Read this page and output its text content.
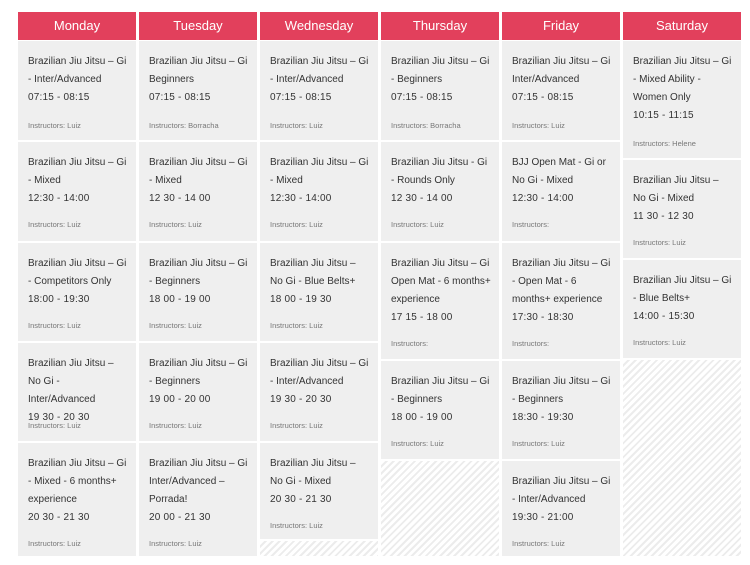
Monday
Brazilian Jiu Jitsu – Gi - Inter/Advanced
07:15 - 08:15
Instructors: Luiz
Brazilian Jiu Jitsu – Gi - Mixed
12:30 - 14:00
Instructors: Luiz
Brazilian Jiu Jitsu – Gi - Competitors Only
18:00 - 19:30
Instructors: Luiz
Brazilian Jiu Jitsu – No Gi - Inter/Advanced
19 30 - 20 30
Instructors: Luiz
Brazilian Jiu Jitsu – Gi - Mixed - 6 months+ experience
20 30 - 21 30
Instructors: Luiz
Tuesday
Brazilian Jiu Jitsu – Gi Beginners
07:15 - 08:15
Instructors: Borracha
Brazilian Jiu Jitsu – Gi - Mixed
12 30 - 14 00
Instructors: Luiz
Brazilian Jiu Jitsu – Gi - Beginners
18 00 - 19 00
Instructors: Luiz
Brazilian Jiu Jitsu – Gi - Beginners
19 00 - 20 00
Instructors: Luiz
Brazilian Jiu Jitsu – Gi Inter/Advanced – Porrada!
20 00 - 21 30
Instructors: Luiz
Wednesday
Brazilian Jiu Jitsu – Gi - Inter/Advanced
07:15 - 08:15
Instructors: Luiz
Brazilian Jiu Jitsu – Gi - Mixed
12:30 - 14:00
Instructors: Luiz
Brazilian Jiu Jitsu – No Gi - Blue Belts+
18 00 - 19 30
Instructors: Luiz
Brazilian Jiu Jitsu – Gi - Inter/Advanced
19 30 - 20 30
Instructors: Luiz
Brazilian Jiu Jitsu – No Gi - Mixed
20 30 - 21 30
Instructors: Luiz
Thursday
Brazilian Jiu Jitsu – Gi - Beginners
07:15 - 08:15
Instructors: Borracha
Brazilian Jiu Jitsu - Gi - Rounds Only
12 30 - 14 00
Instructors: Luiz
Brazilian Jiu Jitsu – Gi Open Mat - 6 months+ experience
17 15 - 18 00
Instructors:
Brazilian Jiu Jitsu – Gi - Beginners
18 00 - 19 00
Instructors: Luiz
Friday
Brazilian Jiu Jitsu – Gi Inter/Advanced
07:15 - 08:15
Instructors: Luiz
BJJ Open Mat - Gi or No Gi - Mixed
12:30 - 14:00
Instructors:
Brazilian Jiu Jitsu – Gi - Open Mat - 6 months+ experience
17:30 - 18:30
Instructors:
Brazilian Jiu Jitsu – Gi - Beginners
18:30 - 19:30
Instructors: Luiz
Brazilian Jiu Jitsu – Gi - Inter/Advanced
19:30 - 21:00
Instructors: Luiz
Saturday
Brazilian Jiu Jitsu – Gi - Mixed Ability - Women Only
10:15 - 11:15
Instructors: Helene
Brazilian Jiu Jitsu – No Gi - Mixed
11 30 - 12 30
Instructors: Luiz
Brazilian Jiu Jitsu – Gi - Blue Belts+
14:00 - 15:30
Instructors: Luiz
